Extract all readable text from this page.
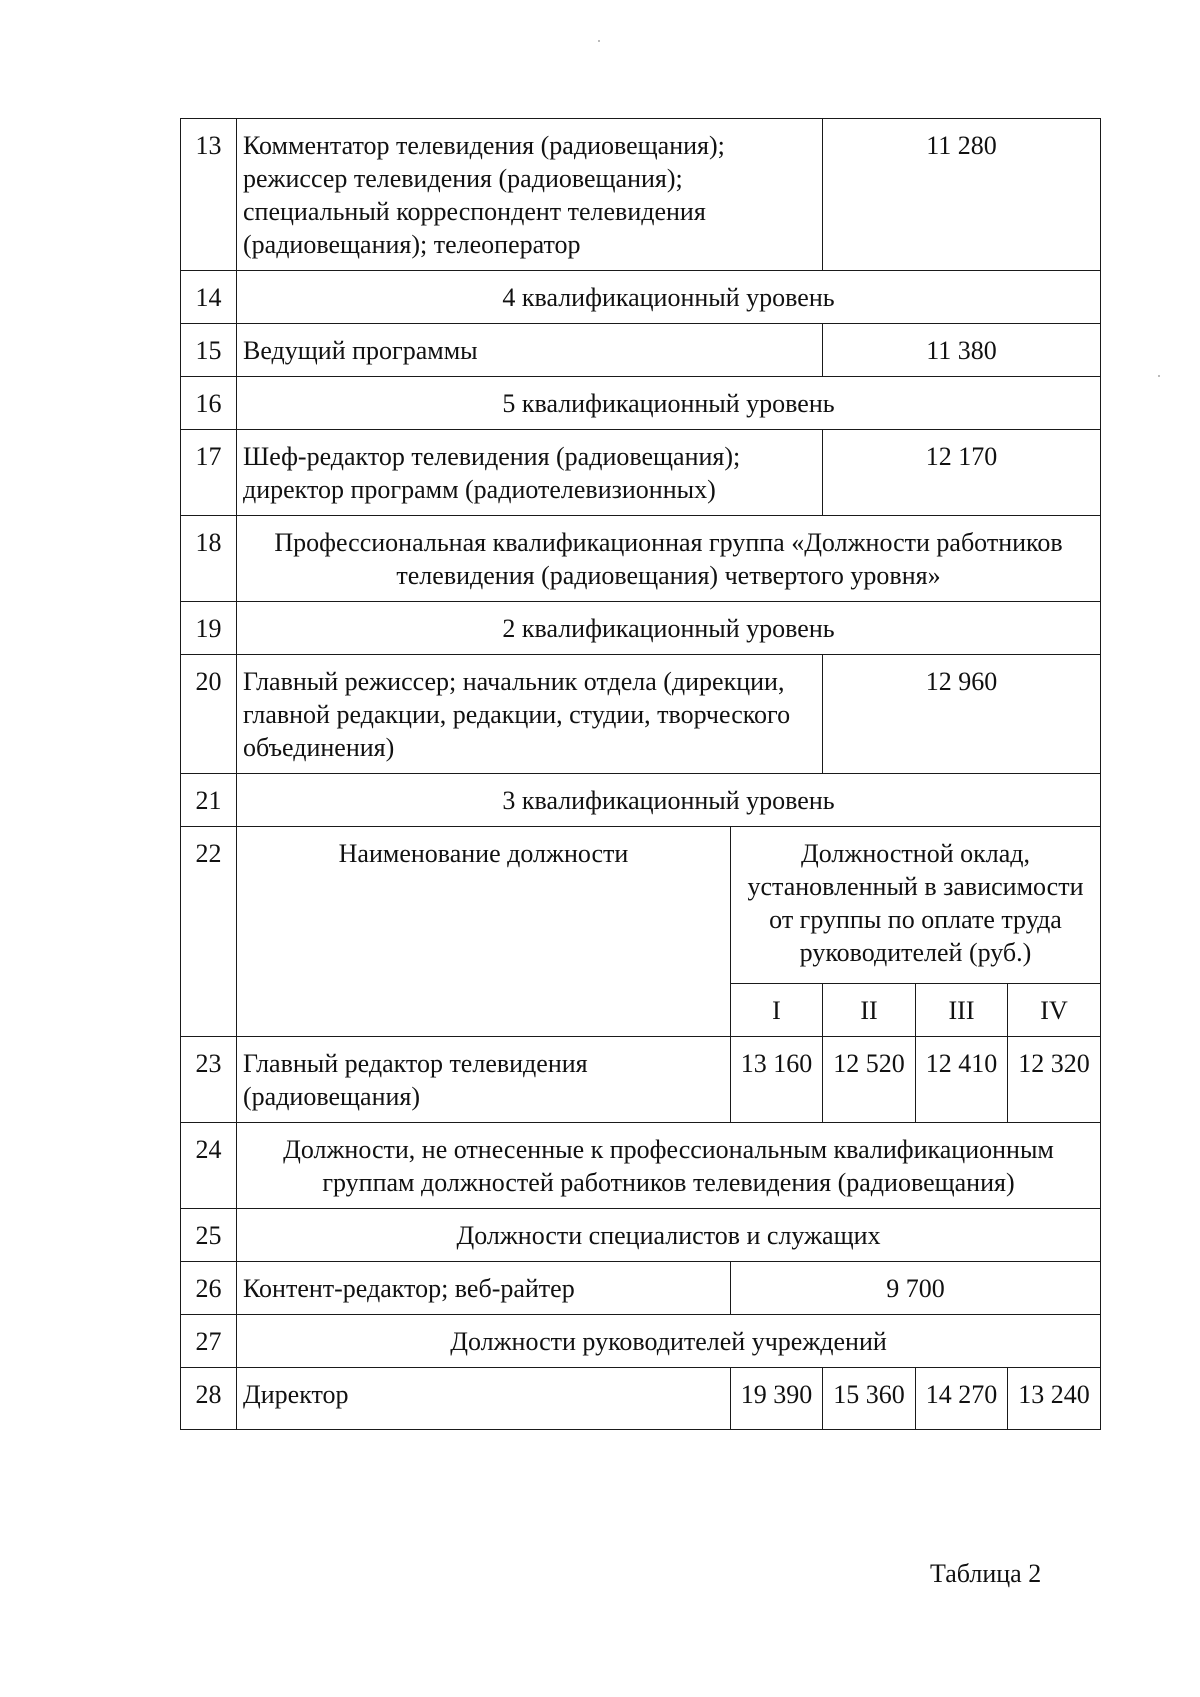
13	Комментатор телевидения (радиовещания); режиссер телевидения (радиовещания); специальный корреспондент телевидения (радиовещания); телеоператор		11 280		
14	4 квалификационный уровень				
15	Ведущий программы		11 380		
16	5 квалификационный уровень				
17	Шеф-редактор телевидения (радиовещания); директор программ (радиотелевизионных)		12 170		
18	Профессиональная квалификационная группа «Должности работников телевидения (радиовещания) четвертого уровня»				
19	2 квалификационный уровень				
20	Главный режиссер; начальник отдела (дирекции, главной редакции, редакции, студии, творческого объединения)		12 960		
21	3 квалификационный уровень				
22	Наименование должности	Должностной оклад, установленный в зависимости от группы по оплате труда руководителей (руб.)			
		I	II	III	IV
23	Главный редактор телевидения (радиовещания)	13 160	12 520	12 410	12 320
24	Должности, не отнесенные к профессиональным квалификационным группам должностей работников телевидения (радиовещания)				
25	Должности специалистов и служащих				
26	Контент-редактор; веб-райтер	9 700			
27	Должности руководителей учреждений				
28	Директор	19 390	15 360	14 270	13 240
Таблица 2
